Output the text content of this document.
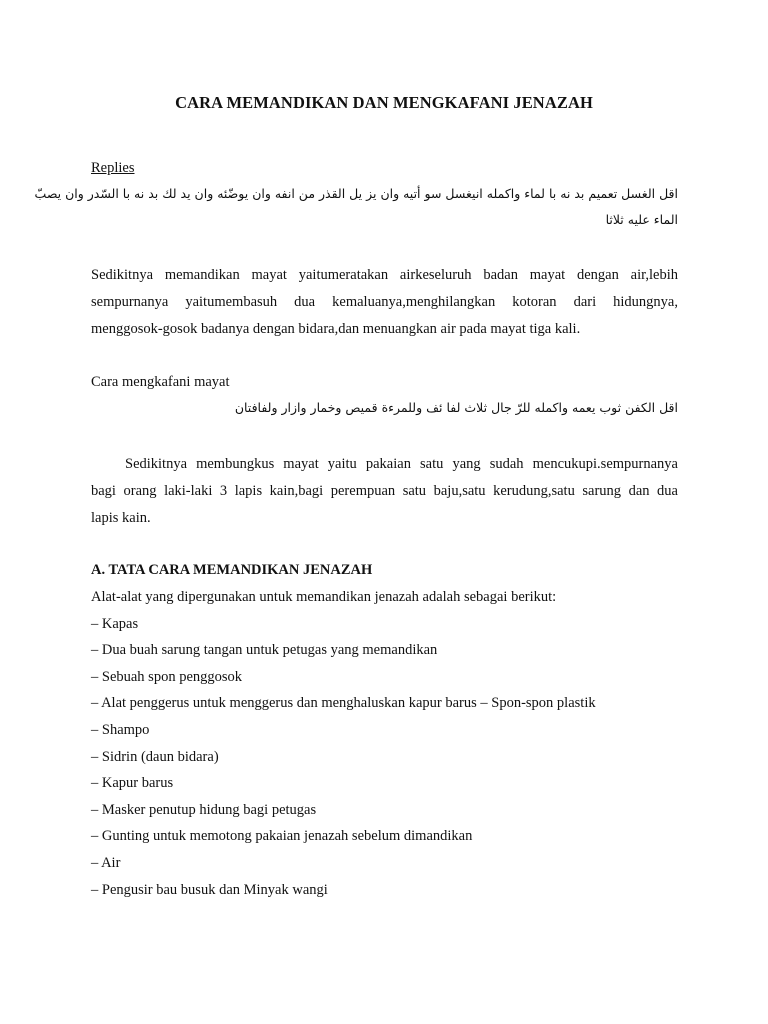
CARA MEMANDIKAN DAN MENGKAFANI JENAZAH
Replies
اقل الغسل تعميم بد نه با لماء واكمله انيغسل سو أتيه وان يز يل القذر من انفه وان يوضّئه وان يد لك بد نه با السّدر وان يصبّ
الماء عليه ثلاثا
Sedikitnya memandikan mayat yaitumeratakan airkeseluruh badan mayat dengan air,lebih
sempurnanya yaitumembasuh dua kemaluanya,menghilangkan kotoran dari hidungnya,
menggosok-gosok badanya dengan bidara,dan menuangkan air pada mayat tiga kali.
Cara mengkafani mayat
اقل الكفن ثوب يعمه واكمله للرّ جال ثلاث لفا ئف وللمرءة قميص وخمار وازار ولفافتان
Sedikitnya membungkus mayat yaitu pakaian satu yang sudah mencukupi.sempurnanya
bagi orang laki-laki 3 lapis kain,bagi perempuan satu baju,satu kerudung,satu sarung dan dua
lapis kain.
A. TATA CARA MEMANDIKAN JENAZAH
Alat-alat yang dipergunakan untuk memandikan jenazah adalah sebagai berikut:
– Kapas
– Dua buah sarung tangan untuk petugas yang memandikan
– Sebuah spon penggosok
– Alat penggerus untuk menggerus dan menghaluskan kapur barus – Spon-spon plastik
– Shampo
– Sidrin (daun bidara)
– Kapur barus
– Masker penutup hidung bagi petugas
– Gunting untuk memotong pakaian jenazah sebelum dimandikan
– Air
– Pengusir bau busuk dan Minyak wangi
